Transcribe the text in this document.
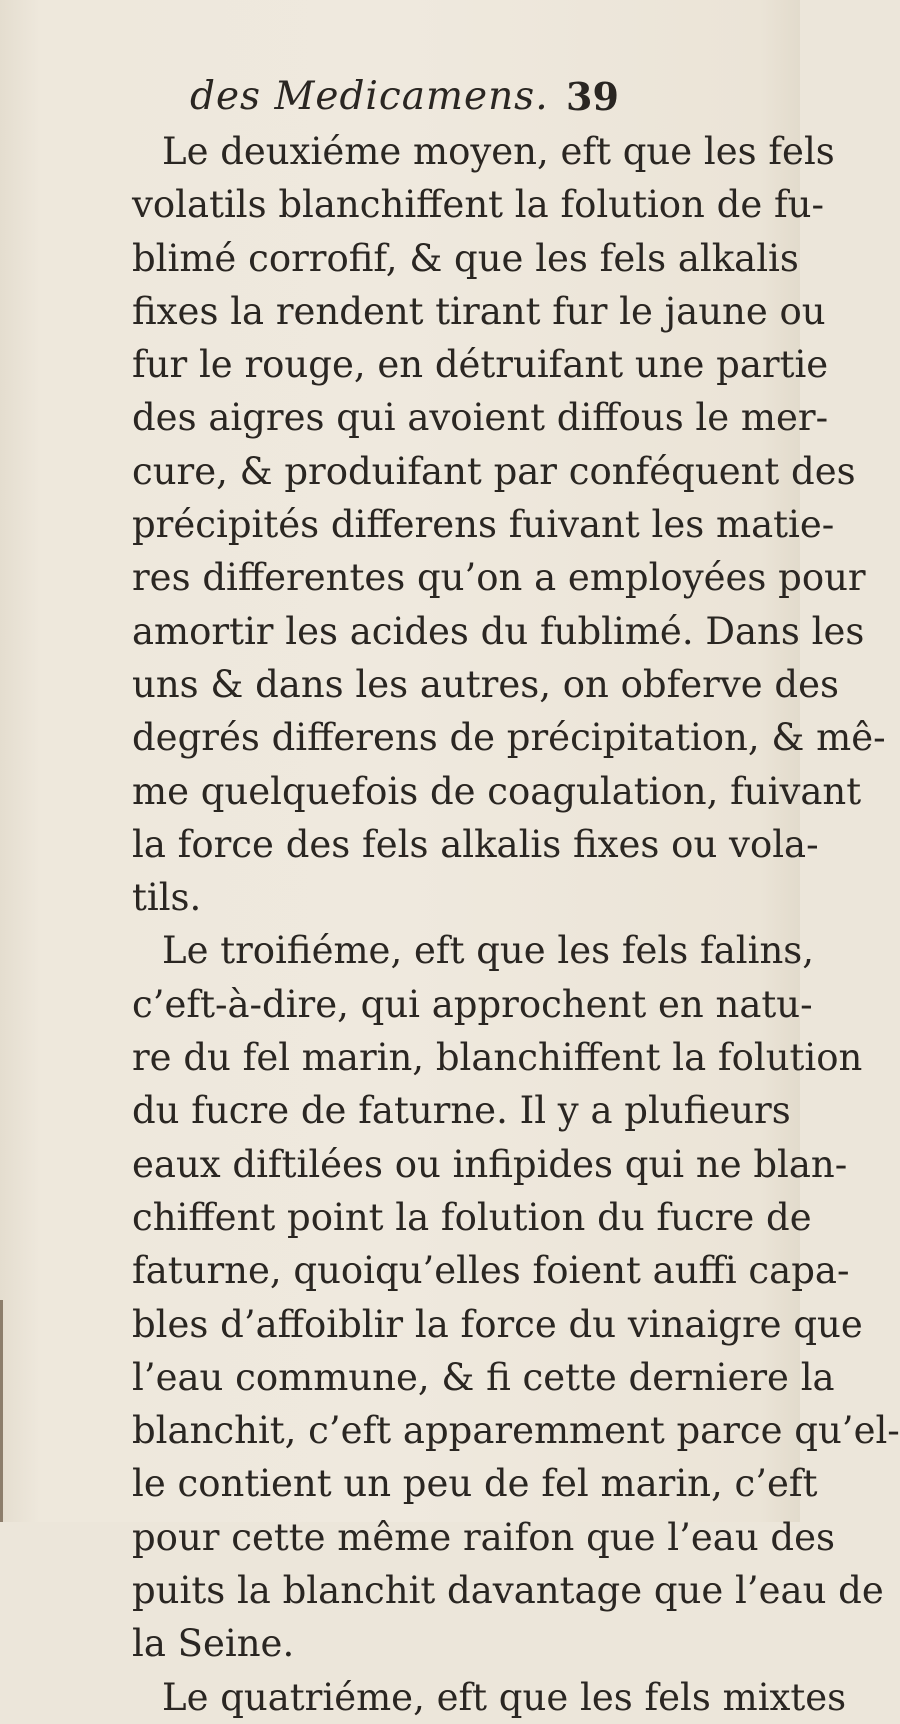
des Medicamens. 39
Le deuxiéme moyen, eft que les fels
volatils blanchiffent la folution de fu-
blimé corrofif, & que les fels alkalis
fixes la rendent tirant fur le jaune ou
fur le rouge, en détruifant une partie
des aigres qui avoient diffous le mer-
cure, & produifant par conféquent des
précipités differens fuivant les matie-
res differentes qu’on a employées pour
amortir les acides du fublimé. Dans les
uns & dans les autres, on obferve des
degrés differens de précipitation, & mê-
me quelquefois de coagulation, fuivant
la force des fels alkalis fixes ou vola-
tils.
Le troifiéme, eft que les fels falins,
c’eft-à-dire, qui approchent en natu-
re du fel marin, blanchiffent la folution
du fucre de faturne. Il y a plufieurs
eaux diftilées ou infipides qui ne blan-
chiffent point la folution du fucre de
faturne, quoiqu’elles foient auffi capa-
bles d’affoiblir la force du vinaigre que
l’eau commune, & fi cette derniere la
blanchit, c’eft apparemment parce qu’el-
le contient un peu de fel marin, c’eft
pour cette même raifon que l’eau des
puits la blanchit davantage que l’eau de
la Seine.
Le quatriéme, eft que les fels mixtes
